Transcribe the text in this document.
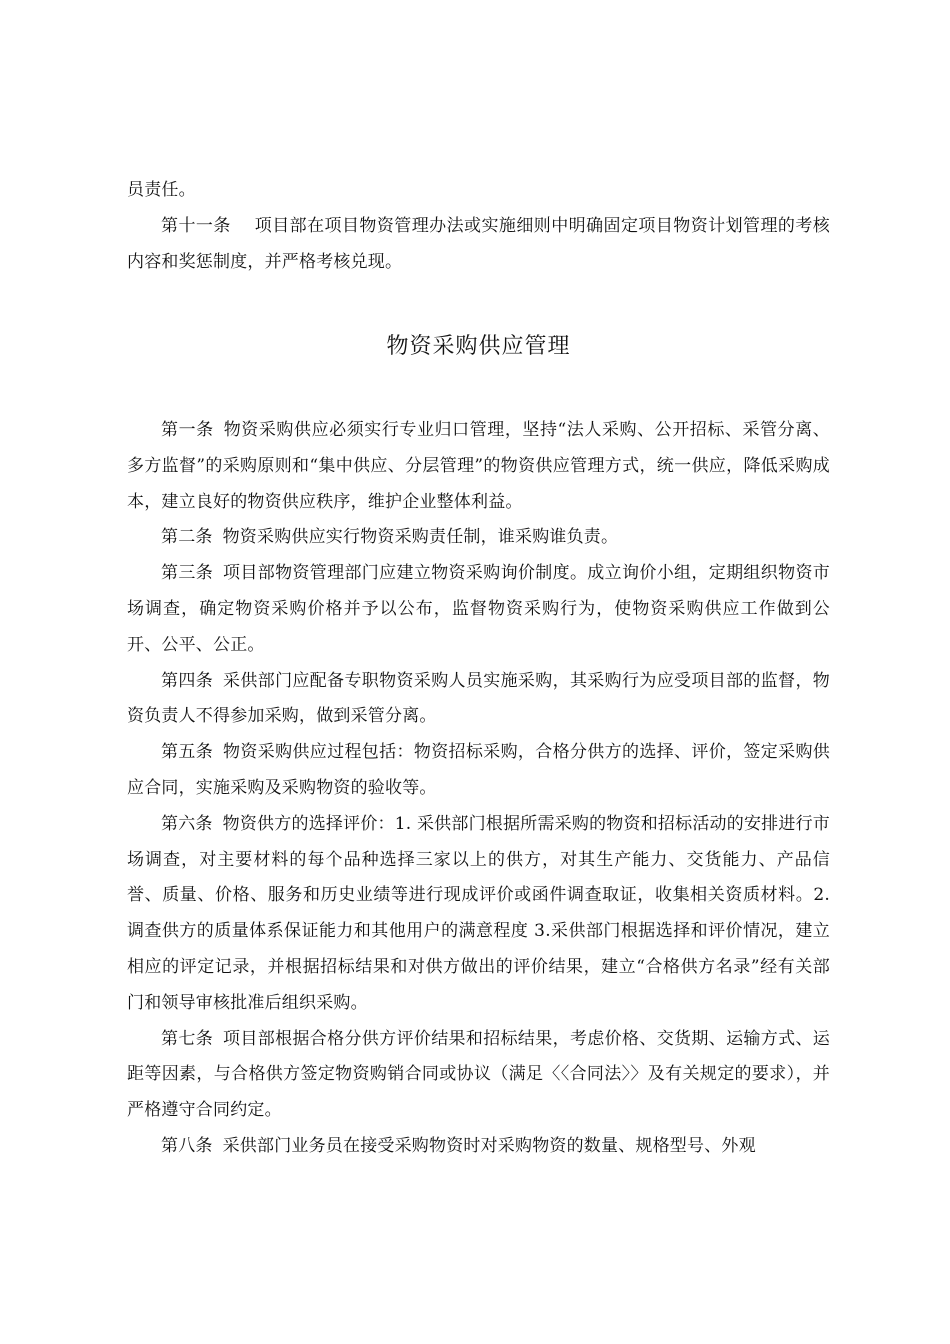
员责任。

第十一条 项目部在项目物资管理办法或实施细则中明确固定项目物资计划管理的考核内容和奖惩制度，并严格考核兑现。

物资采购供应管理

第一条 物资采购供应必须实行专业归口管理，坚持“法人采购、公开招标、采管分离、多方监督”的采购原则和“集中供应、分层管理”的物资供应管理方式，统一供应，降低采购成本，建立良好的物资供应秩序，维护企业整体利益。

第二条 物资采购供应实行物资采购责任制，谁采购谁负责。

第三条 项目部物资管理部门应建立物资采购询价制度。成立询价小组，定期组织物资市场调查，确定物资采购价格并予以公布，监督物资采购行为，使物资采购供应工作做到公开、公平、公正。

第四条 采供部门应配备专职物资采购人员实施采购，其采购行为应受项目部的监督，物资负责人不得参加采购，做到采管分离。

第五条 物资采购供应过程包括：物资招标采购，合格分供方的选择、评价，签定采购供应合同，实施采购及采购物资的验收等。

第六条 物资供方的选择评价：1. 采供部门根据所需采购的物资和招标活动的安排进行市场调查，对主要材料的每个品种选择三家以上的供方，对其生产能力、交货能力、产品信誉、质量、价格、服务和历史业绩等进行现成评价或函件调查取证，收集相关资质材料。2.调查供方的质量体系保证能力和其他用户的满意程度 3.采供部门根据选择和评价情况，建立相应的评定记录，并根据招标结果和对供方做出的评价结果，建立“合格供方名录”经有关部门和领导审核批准后组织采购。

第七条 项目部根据合格分供方评价结果和招标结果，考虑价格、交货期、运输方式、运距等因素，与合格供方签定物资购销合同或协议（满足〈〈合同法〉〉及有关规定的要求），并严格遵守合同约定。

第八条 采供部门业务员在接受采购物资时对采购物资的数量、规格型号、外观
